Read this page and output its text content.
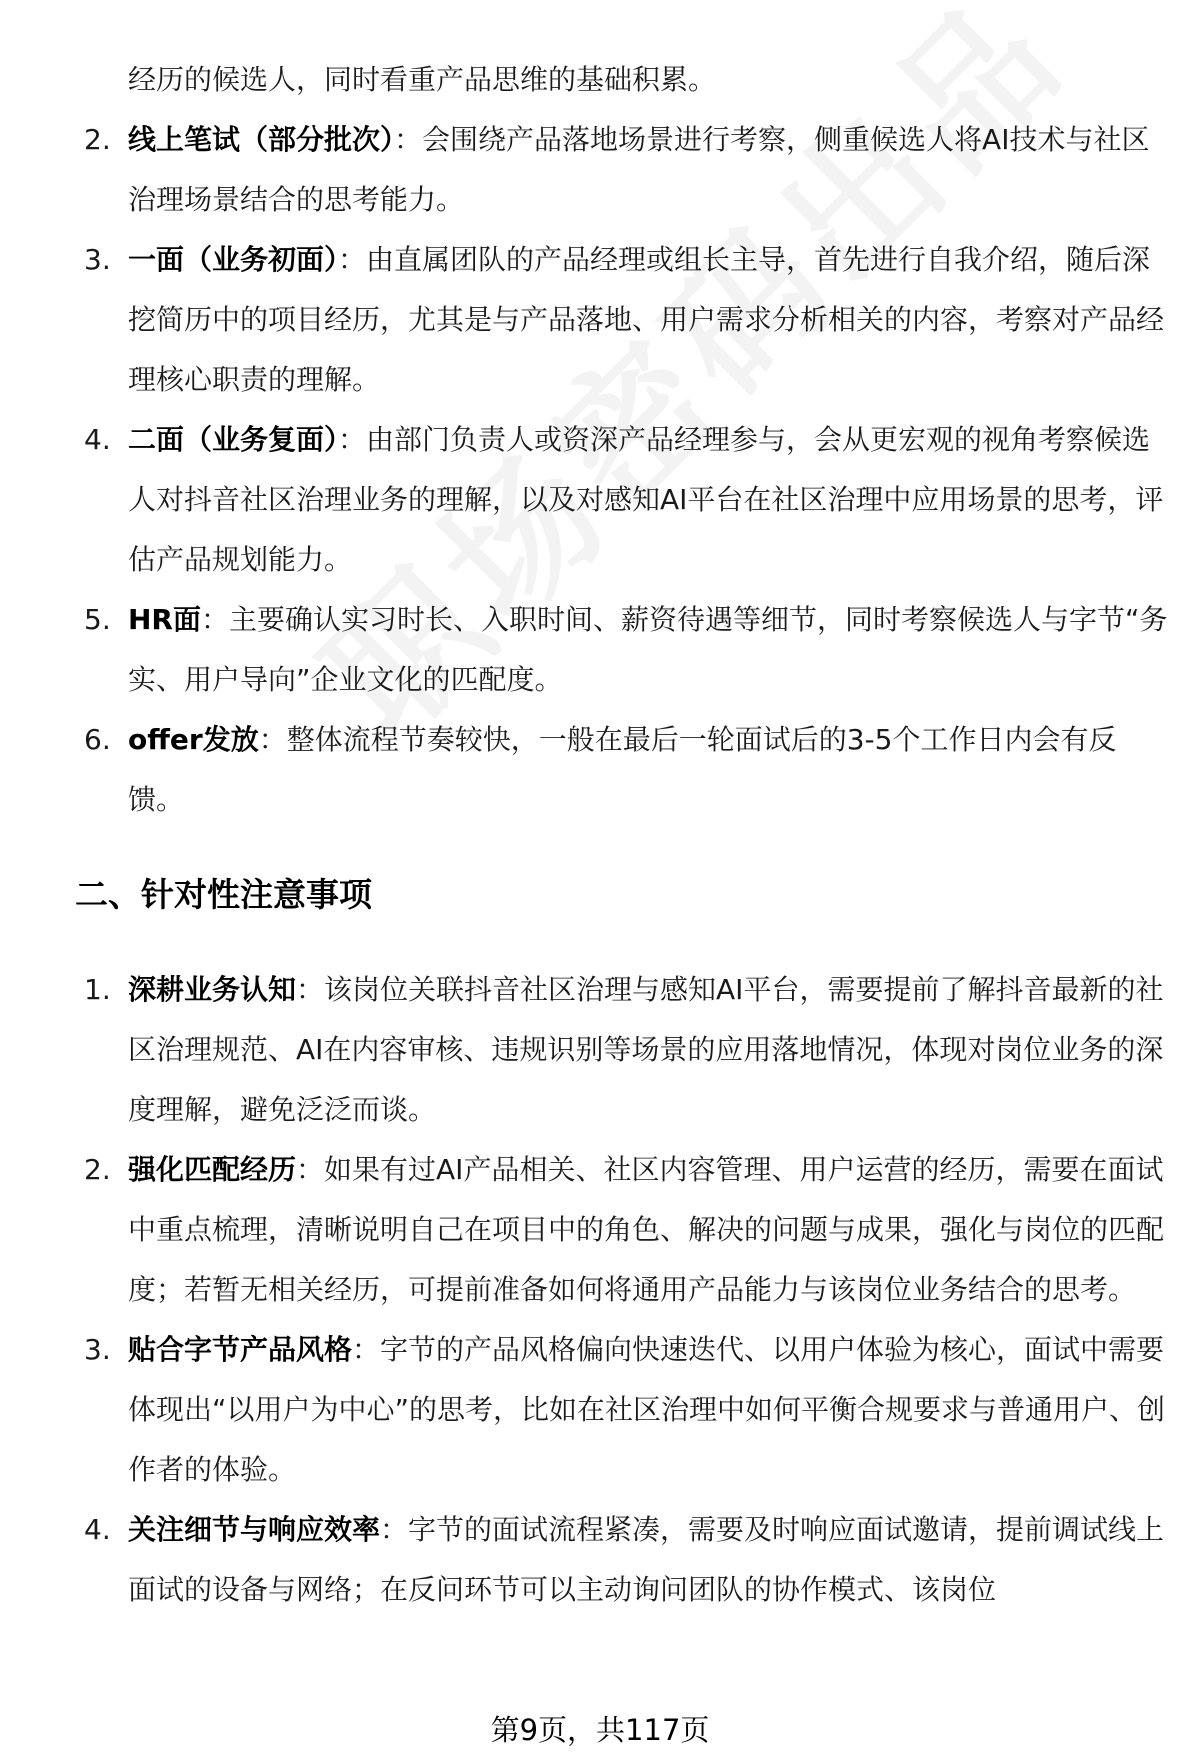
经历的候选人，同时看重产品思维的基础积累。
2. 线上笔试（部分批次）：会围绕产品落地场景进行考察，侧重候选人将AI技术与社区治理场景结合的思考能力。
3. 一面（业务初面）：由直属团队的产品经理或组长主导，首先进行自我介绍，随后深挖简历中的项目经历，尤其是与产品落地、用户需求分析相关的内容，考察对产品经理核心职责的理解。
4. 二面（业务复面）：由部门负责人或资深产品经理参与，会从更宏观的视角考察候选人对抖音社区治理业务的理解，以及对感知AI平台在社区治理中应用场景的思考，评估产品规划能力。
5. HR面：主要确认实习时长、入职时间、薪资待遇等细节，同时考察候选人与字节“务实、用户导向”企业文化的匹配度。
6. offer发放：整体流程节奏较快，一般在最后一轮面试后的3-5个工作日内会有反馈。
二、针对性注意事项
1. 深耕业务认知：该岗位关联抖音社区治理与感知AI平台，需要提前了解抖音最新的社区治理规范、AI在内容审核、违规识别等场景的应用落地情况，体现对岗位业务的深度理解，避免泛泛而谈。
2. 强化匹配经历：如果有过AI产品相关、社区内容管理、用户运营的经历，需要在面试中重点梳理，清晰说明自己在项目中的角色、解决的问题与成果，强化与岗位的匹配度；若暂无相关经历，可提前准备如何将通用产品能力与该岗位业务结合的思考。
3. 贴合字节产品风格：字节的产品风格偏向快速迭代、以用户体验为核心，面试中需要体现出“以用户为中心”的思考，比如在社区治理中如何平衡合规要求与普通用户、创作者的体验。
4. 关注细节与响应效率：字节的面试流程紧凑，需要及时响应面试邀请，提前调试线上面试的设备与网络；在反问环节可以主动询问团队的协作模式、该岗位
第9页，共117页
